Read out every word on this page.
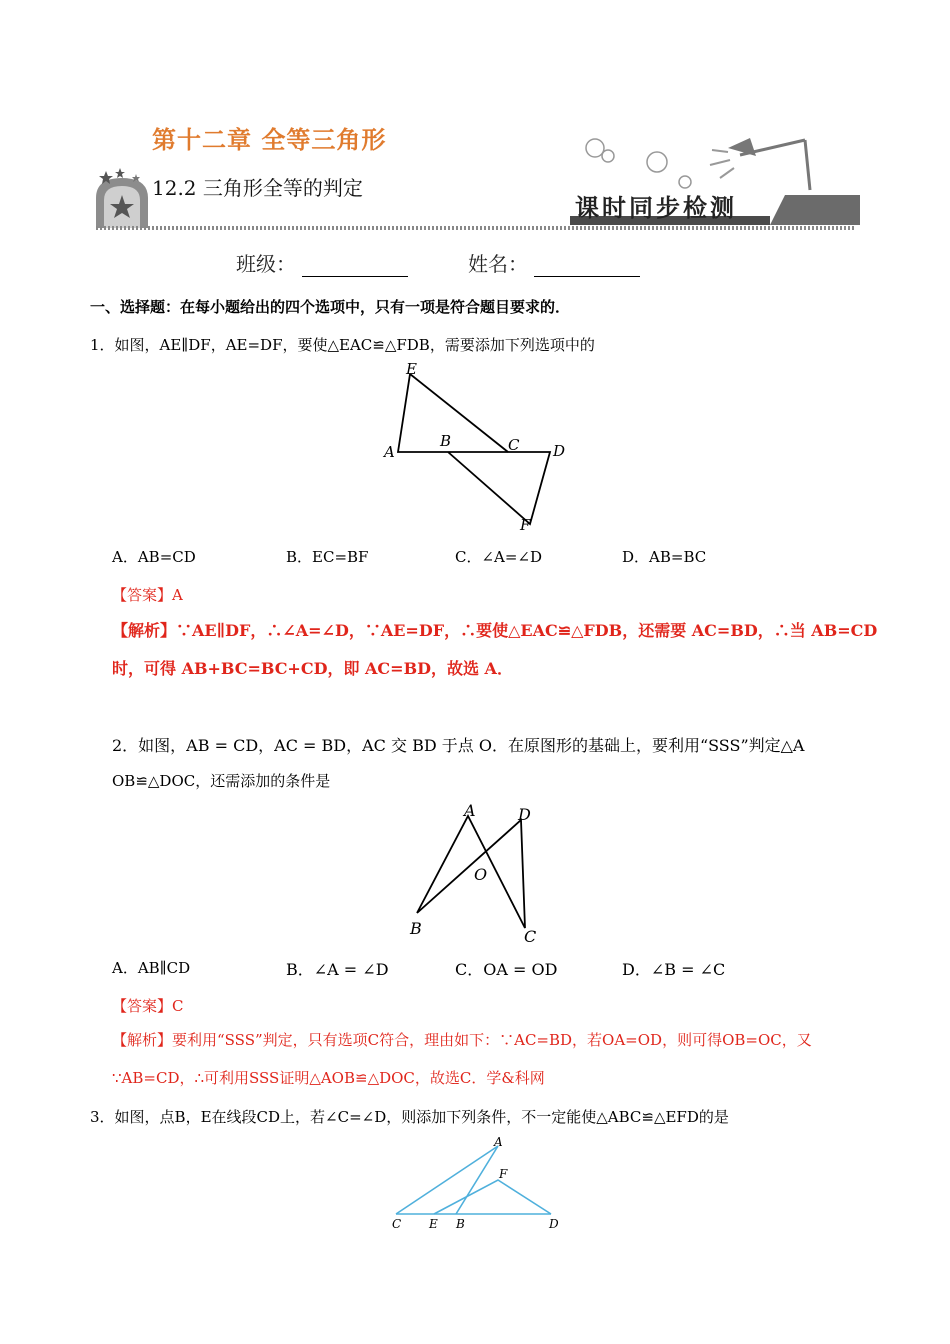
第十二章 全等三角形
12.2 三角形全等的判定
课时同步检测
班级：	姓名：
一、选择题：在每小题给出的四个选项中，只有一项是符合题目要求的．
1．如图，AE∥DF，AE=DF，要使△EAC≌△FDB，需要添加下列选项中的
E
A
B	C D
F
A．AB=CD	B．EC=BF	C．∠A=∠D	D．AB=BC
【答案】A
【解析】∵AE∥DF，∴∠A=∠D，∵AE=DF，∴要使△EAC≌△FDB，还需要 AC=BD，∴当 AB=CD
时，可得 AB+BC=BC+CD，即 AC=BD，故选 A．
2．如图，AB = CD，AC = BD，AC 交 BD 于点 O．在原图形的基础上，要利用“SSS”判定△A
OB≌△DOC，还需添加的条件是
A	D
O
B	C
A．AB∥CD	B．∠A = ∠D	C．OA = OD	D．∠B = ∠C
【答案】C
【解析】要利用“SSS”判定，只有选项C符合，理由如下：∵AC=BD，若OA=OD，则可得OB=OC，又
∵AB=CD，∴可利用SSS证明△AOB≌△DOC，故选C．学&科网
3．如图，点B，E在线段CD上，若∠C=∠D，则添加下列条件，不一定能使△ABC≌△EFD的是
A
F
C E B	D
